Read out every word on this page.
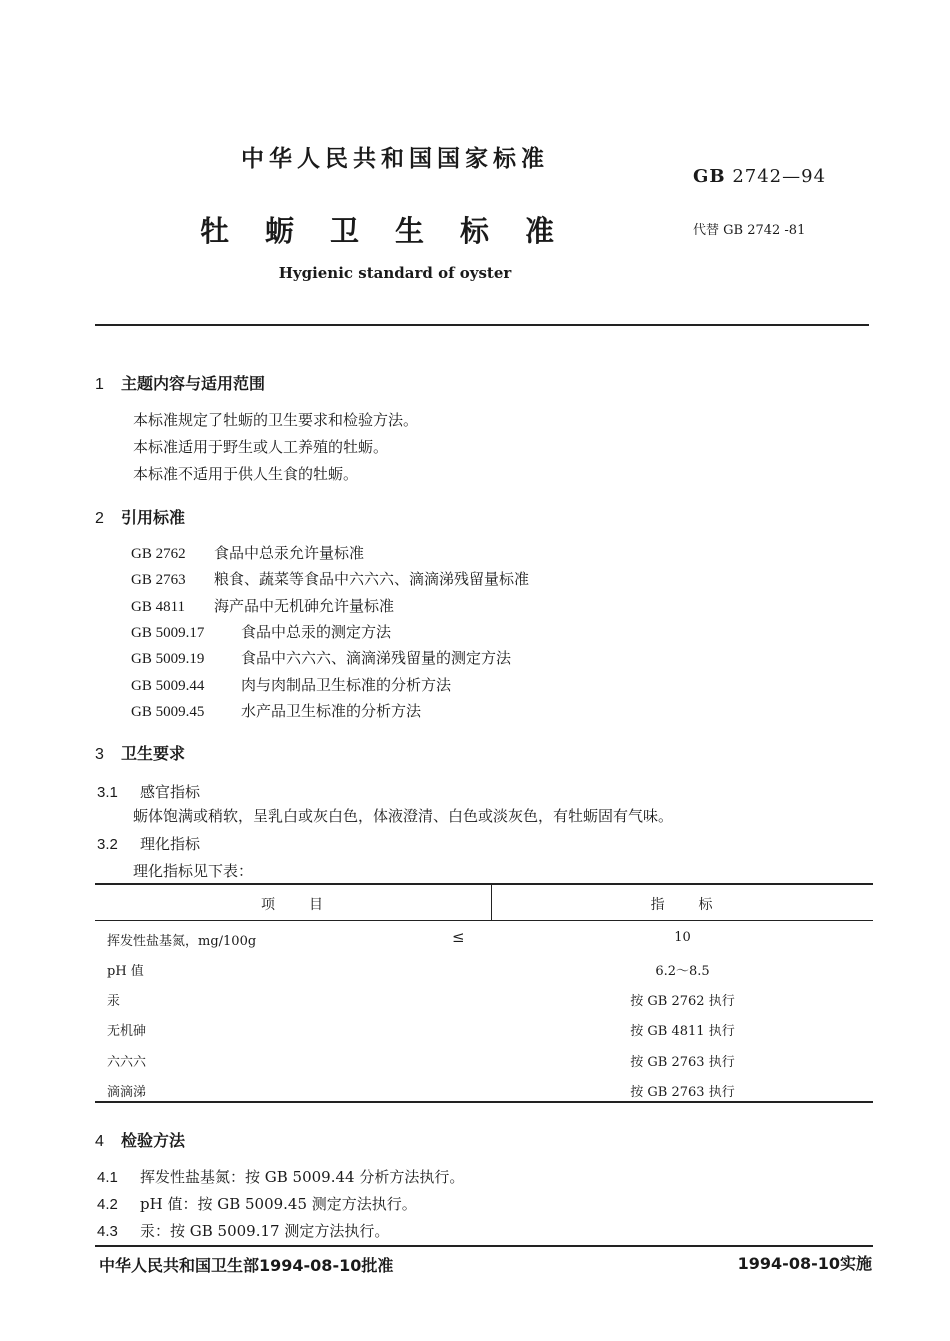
中华人民共和国国家标准
GB 2742—94
牡蛎卫生标准	代替 GB 2742 -81
Hygienic standard of oyster
1 主题内容与适用范围
本标准规定了牡蛎的卫生要求和检验方法。
本标准适用于野生或人工养殖的牡蛎。
本标准不适用于供人生食的牡蛎。
2 引用标准
GB 2762 食品中总汞允许量标准
GB 2763 粮食、蔬菜等食品中六六六、滴滴涕残留量标准
GB 4811 海产品中无机砷允许量标准
GB 5009.17 食品中总汞的测定方法
GB 5009.19 食品中六六六、滴滴涕残留量的测定方法
GB 5009.44 肉与肉制品卫生标准的分析方法
GB 5009.45 水产品卫生标准的分析方法
3 卫生要求
3.1 感官指标
蛎体饱满或稍软，呈乳白或灰白色，体液澄清、白色或淡灰色，有牡蛎固有气味。
3.2 理化指标
理化指标见下表：
项　　目	指　　标
挥发性盐基氮，mg/100g	≤	10
pH 值	6.2～8.5
汞	按 GB 2762 执行
无机砷	按 GB 4811 执行
六六六	按 GB 2763 执行
滴滴涕	按 GB 2763 执行
4 检验方法
4.1 挥发性盐基氮：按 GB 5009.44 分析方法执行。
4.2 pH 值：按 GB 5009.45 测定方法执行。
4.3 汞：按 GB 5009.17 测定方法执行。
中华人民共和国卫生部1994-08-10批准	1994-08-10实施
